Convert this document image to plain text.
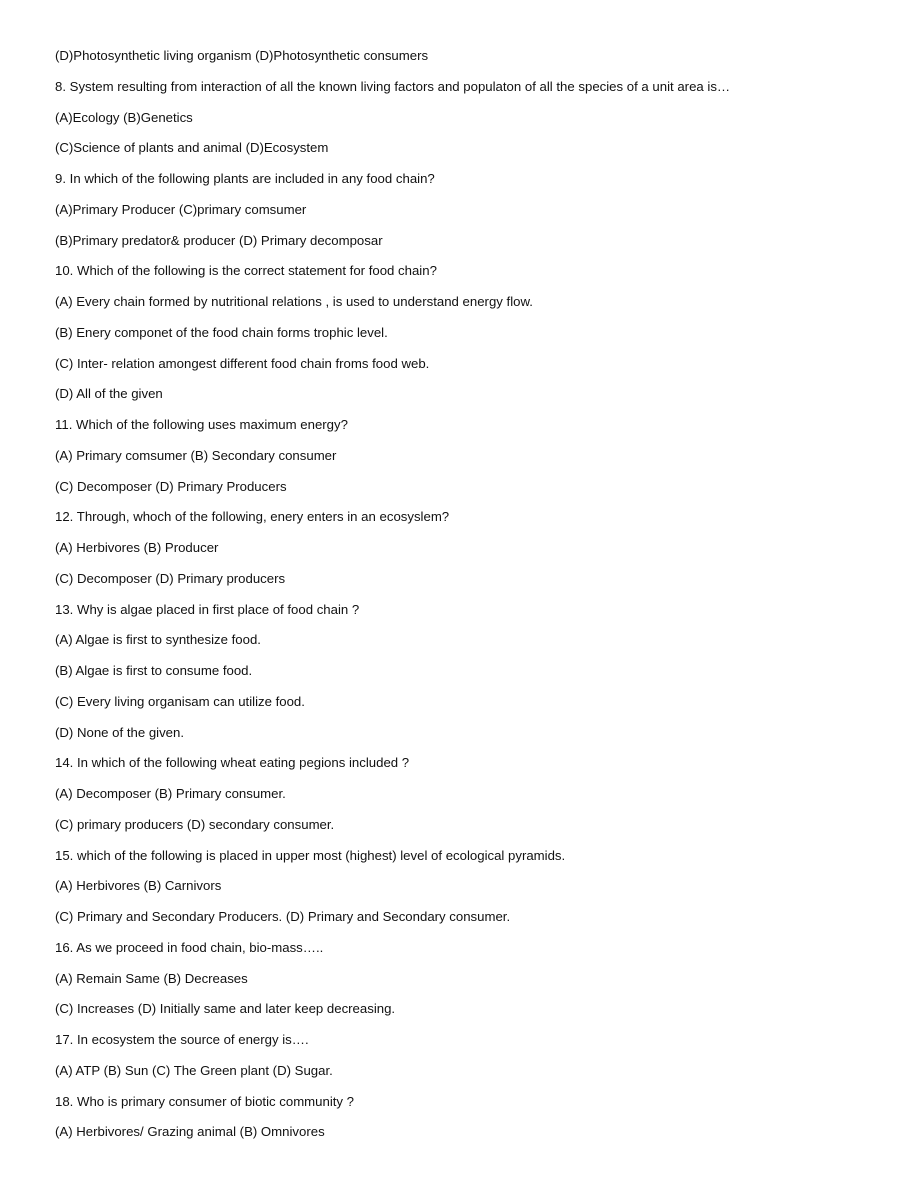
(D)Photosynthetic living organism (D)Photosynthetic consumers
8. System resulting from interaction of all the known living factors and populaton of all the species of a unit area is…
(A)Ecology (B)Genetics
(C)Science of plants and animal (D)Ecosystem
9. In which of the following plants are included in any food chain?
(A)Primary Producer (C)primary comsumer
(B)Primary predator& producer (D) Primary decomposar
10. Which of the following is the correct statement for food chain?
(A) Every chain formed by nutritional relations , is used to understand energy flow.
(B) Enery componet of the food chain forms trophic level.
(C) Inter- relation amongest different food chain froms food web.
(D) All of the given
11. Which of the following uses maximum energy?
(A) Primary comsumer (B) Secondary consumer
(C) Decomposer (D) Primary Producers
12. Through, whoch of the following, enery enters in an ecosyslem?
(A) Herbivores (B) Producer
(C) Decomposer (D) Primary producers
13. Why is algae placed in first place of food chain ?
(A) Algae is first to synthesize food.
(B) Algae is first to consume food.
(C) Every living organisam can utilize food.
(D) None of the given.
14. In which of the following wheat eating pegions included ?
(A) Decomposer (B) Primary consumer.
(C) primary producers (D) secondary consumer.
15. which of the following is placed in upper most (highest) level of ecological pyramids.
(A) Herbivores (B) Carnivors
(C) Primary and Secondary Producers. (D) Primary and Secondary consumer.
16. As we proceed in food chain, bio-mass…..
(A) Remain Same (B) Decreases
(C) Increases (D) Initially same and later keep decreasing.
17. In ecosystem the source of energy is….
(A) ATP (B) Sun (C) The Green plant (D) Sugar.
18. Who is primary consumer of biotic community ?
(A) Herbivores/ Grazing animal (B) Omnivores
